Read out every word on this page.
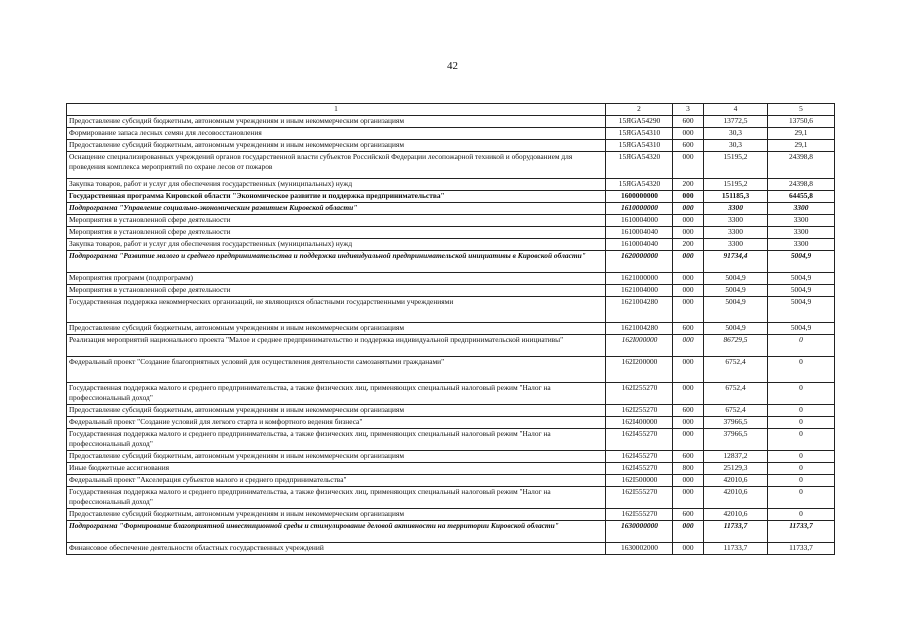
42
1	2	3	4	5
Предоставление субсидий бюджетным, автономным учреждениям и иным некоммерческим организациям	15ЯGA54290	600	13772,5	13750,6
Формирование запаса лесных семян для лесовосстановления	15ЯGA54310	000	30,3	29,1
Предоставление субсидий бюджетным, автономным учреждениям и иным некоммерческим организациям	15ЯGA54310	600	30,3	29,1
Оснащение специализированных учреждений органов государственной власти субъектов Российской Федерации лесопожарной техникой и оборудованием для проведения комплекса мероприятий по охране лесов от пожаров	15ЯGA54320	000	15195,2	24398,8
Закупка товаров, работ и услуг для обеспечения государственных (муниципальных) нужд	15ЯGA54320	200	15195,2	24398,8
Государственная программа Кировской области "Экономическое развитие и поддержка предпринимательства"	1600000000	000	151185,3	64455,8
Подпрограмма "Управление социально-экономическим развитием Кировской области"	1610000000	000	3300	3300
Мероприятия в установленной сфере деятельности	1610004000	000	3300	3300
Мероприятия в установленной сфере деятельности	1610004040	000	3300	3300
Закупка товаров, работ и услуг для обеспечения государственных (муниципальных) нужд	1610004040	200	3300	3300
Подпрограмма "Развитие малого и среднего предпринимательства и поддержка индивидуальной предпринимательской инициативы в Кировской области"	1620000000	000	91734,4	5004,9
Мероприятия программ (подпрограмм)	1621000000	000	5004,9	5004,9
Мероприятия в установленной сфере деятельности	1621004000	000	5004,9	5004,9
Государственная поддержка некоммерческих организаций, не являющихся областными государственными учреждениями	1621004280	000	5004,9	5004,9
Предоставление субсидий бюджетным, автономным учреждениям и иным некоммерческим организациям	1621004280	600	5004,9	5004,9
Реализация мероприятий национального проекта "Малое и среднее предпринимательство и поддержка индивидуальной предпринимательской инициативы"	162I000000	000	86729,5	0
Федеральный проект "Создание благоприятных условий для осуществления деятельности самозанятыми гражданами"	162I200000	000	6752,4	0
Государственная поддержка малого и среднего предпринимательства, а также физических лиц, применяющих специальный налоговый режим "Налог на профессиональный доход"	162I255270	000	6752,4	0
Предоставление субсидий бюджетным, автономным учреждениям и иным некоммерческим организациям	162I255270	600	6752,4	0
Федеральный проект "Создание условий для легкого старта и комфортного ведения бизнеса"	162I400000	000	37966,5	0
Государственная поддержка малого и среднего предпринимательства, а также физических лиц, применяющих специальный налоговый режим "Налог на профессиональный доход"	162I455270	000	37966,5	0
Предоставление субсидий бюджетным, автономным учреждениям и иным некоммерческим организациям	162I455270	600	12837,2	0
Иные бюджетные ассигнования	162I455270	800	25129,3	0
Федеральный проект "Акселерация субъектов малого и среднего предпринимательства"	162I500000	000	42010,6	0
Государственная поддержка малого и среднего предпринимательства, а также физических лиц, применяющих специальный налоговый режим "Налог на профессиональный доход"	162I555270	000	42010,6	0
Предоставление субсидий бюджетным, автономным учреждениям и иным некоммерческим организациям	162I555270	600	42010,6	0
Подпрограмма "Формирование благоприятной инвестиционной среды и стимулирование деловой активности на территории Кировской области"	1630000000	000	11733,7	11733,7
Финансовое обеспечение деятельности областных государственных учреждений	1630002000	000	11733,7	11733,7
